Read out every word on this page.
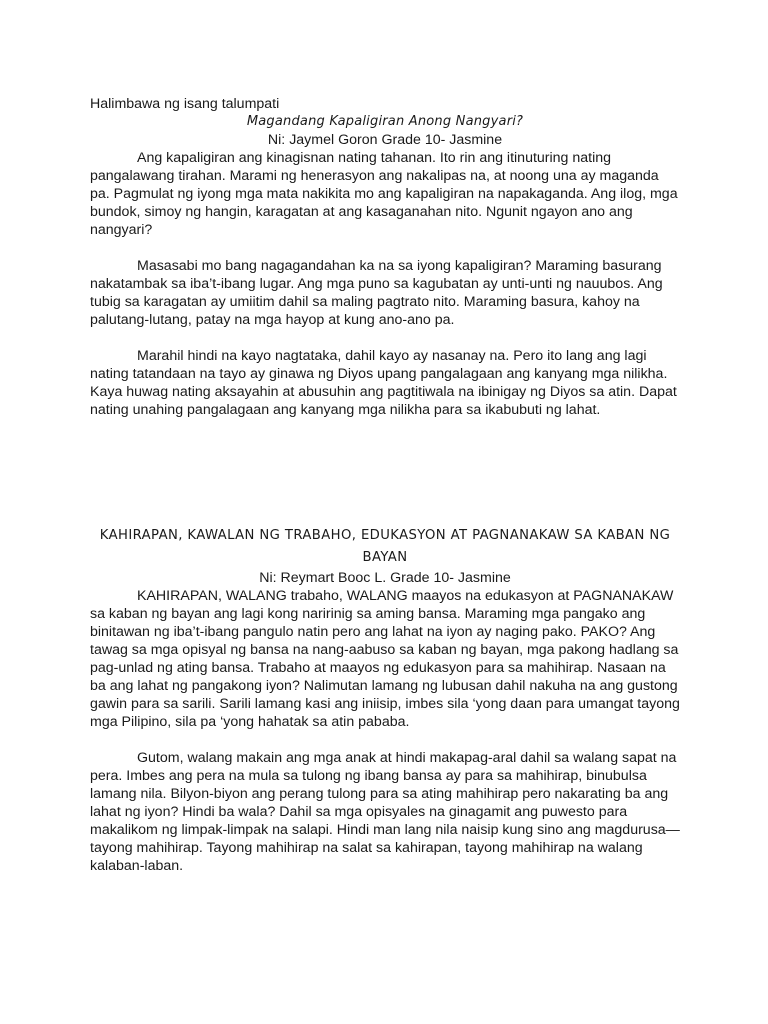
Halimbawa ng isang talumpati

Magandang Kapaligiran Anong Nangyari?

Ni: Jaymel Goron Grade 10- Jasmine

Ang kapaligiran ang kinagisnan nating tahanan. Ito rin ang itinuturing nating pangalawang tirahan. Marami ng henerasyon ang nakalipas na, at noong una ay maganda pa. Pagmulat ng iyong mga mata nakikita mo ang kapaligiran na napakaganda. Ang ilog, mga bundok, simoy ng hangin, karagatan at ang kasaganahan nito. Ngunit ngayon ano ang nangyari?

Masasabi mo bang nagagandahan ka na sa iyong kapaligiran? Maraming basurang nakatambak sa iba’t-ibang lugar. Ang mga puno sa kagubatan ay unti-unti ng nauubos. Ang tubig sa karagatan ay umiitim dahil sa maling pagtrato nito. Maraming basura, kahoy na palutang-lutang, patay na mga hayop at kung ano-ano pa.

Marahil hindi na kayo nagtataka, dahil kayo ay nasanay na. Pero ito lang ang lagi nating tatandaan na tayo ay ginawa ng Diyos upang pangalagaan ang kanyang mga nilikha. Kaya huwag nating aksayahin at abusuhin ang pagtitiwala na ibinigay ng Diyos sa atin. Dapat nating unahing pangalagaan ang kanyang mga nilikha para sa ikabubuti ng lahat.

KAHIRAPAN, KAWALAN NG TRABAHO, EDUKASYON AT PAGNANAKAW SA KABAN NG BAYAN

Ni: Reymart Booc L. Grade 10- Jasmine

KAHIRAPAN, WALANG trabaho, WALANG maayos na edukasyon at PAGNANAKAW sa kaban ng bayan ang lagi kong naririnig sa aming bansa. Maraming mga pangako ang binitawan ng iba’t-ibang pangulo natin pero ang lahat na iyon ay naging pako. PAKO? Ang tawag sa mga opisyal ng bansa na nang-aabuso sa kaban ng bayan, mga pakong hadlang sa pag-unlad ng ating bansa. Trabaho at maayos ng edukasyon para sa mahihirap. Nasaan na ba ang lahat ng pangakong iyon? Nalimutan lamang ng lubusan dahil nakuha na ang gustong gawin para sa sarili. Sarili lamang kasi ang iniisip, imbes sila ‘yong daan para umangat tayong mga Pilipino, sila pa ‘yong hahatak sa atin pababa.

Gutom, walang makain ang mga anak at hindi makapag-aral dahil sa walang sapat na pera. Imbes ang pera na mula sa tulong ng ibang bansa ay para sa mahihirap, binubulsa lamang nila. Bilyon-biyon ang perang tulong para sa ating mahihirap pero nakarating ba ang lahat ng iyon? Hindi ba wala? Dahil sa mga opisyales na ginagamit ang puwesto para makalikom ng limpak-limpak na salapi. Hindi man lang nila naisip kung sino ang magdurusa—tayong mahihirap. Tayong mahihirap na salat sa kahirapan, tayong mahihirap na walang kalaban-laban.
